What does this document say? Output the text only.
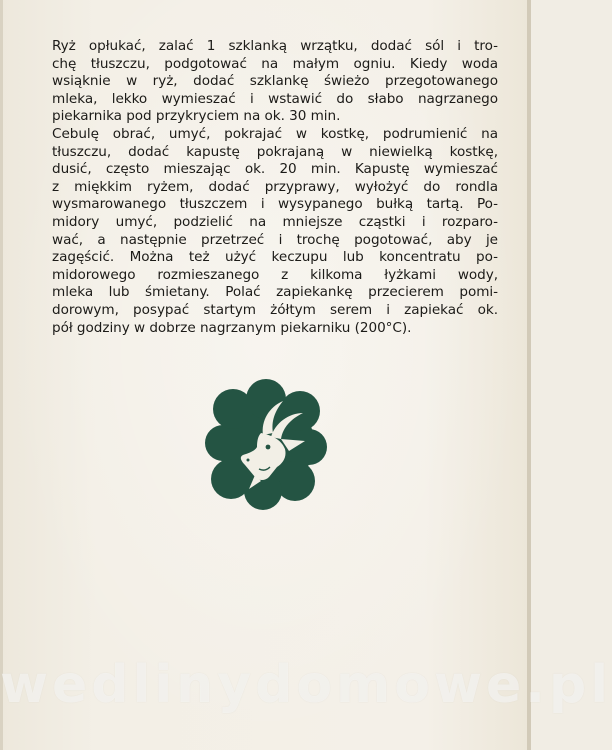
Ryż opłukać, zalać 1 szklanką wrzątku, dodać sól i tro-
chę tłuszczu, podgotować na małym ogniu. Kiedy woda
wsiąknie w ryż, dodać szklankę świeżo przegotowanego
mleka, lekko wymieszać i wstawić do słabo nagrzanego
piekarnika pod przykryciem na ok. 30 min.

Cebulę obrać, umyć, pokrajać w kostkę, podrumienić na
tłuszczu, dodać kapustę pokrajaną w niewielką kostkę,
dusić, często mieszając ok. 20 min. Kapustę wymieszać
z miękkim ryżem, dodać przyprawy, wyłożyć do rondla
wysmarowanego tłuszczem i wysypanego bułką tartą. Po-
midory umyć, podzielić na mniejsze cząstki i rozparo-
wać, a następnie przetrzeć i trochę pogotować, aby je
zagęścić. Można też użyć keczupu lub koncentratu po-
midorowego rozmieszanego z kilkoma łyżkami wody,
mleka lub śmietany. Polać zapiekankę przecierem pomi-
dorowym, posypać startym żółtym serem i zapiekać ok.
pół godziny w dobrze nagrzanym piekarniku (200°C).

wedlinydomowe.pl
